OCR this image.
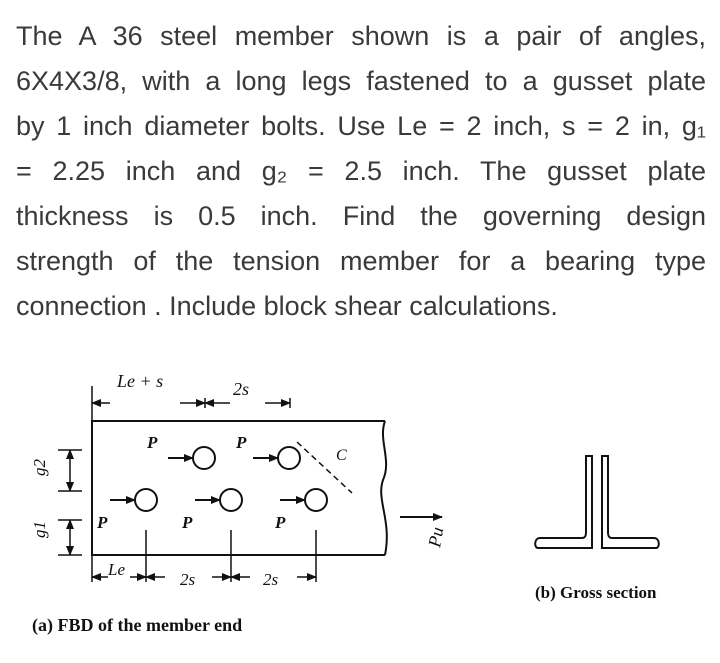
The A 36 steel member shown is a pair of angles,
6X4X3/8, with a long legs fastened to a gusset plate
by 1 inch diameter bolts. Use Le = 2 inch, s = 2 in, g₁
= 2.25 inch and g₂ = 2.5 inch. The gusset plate
thickness is 0.5 inch. Find the governing design
strength of the tension member for a bearing type
connection . Include block shear calculations.
Le + s	2s
g2
g1
P	P
P	P	P
C
Pu
Le
2s	2s
(a) FBD of the member end
(b) Gross section
